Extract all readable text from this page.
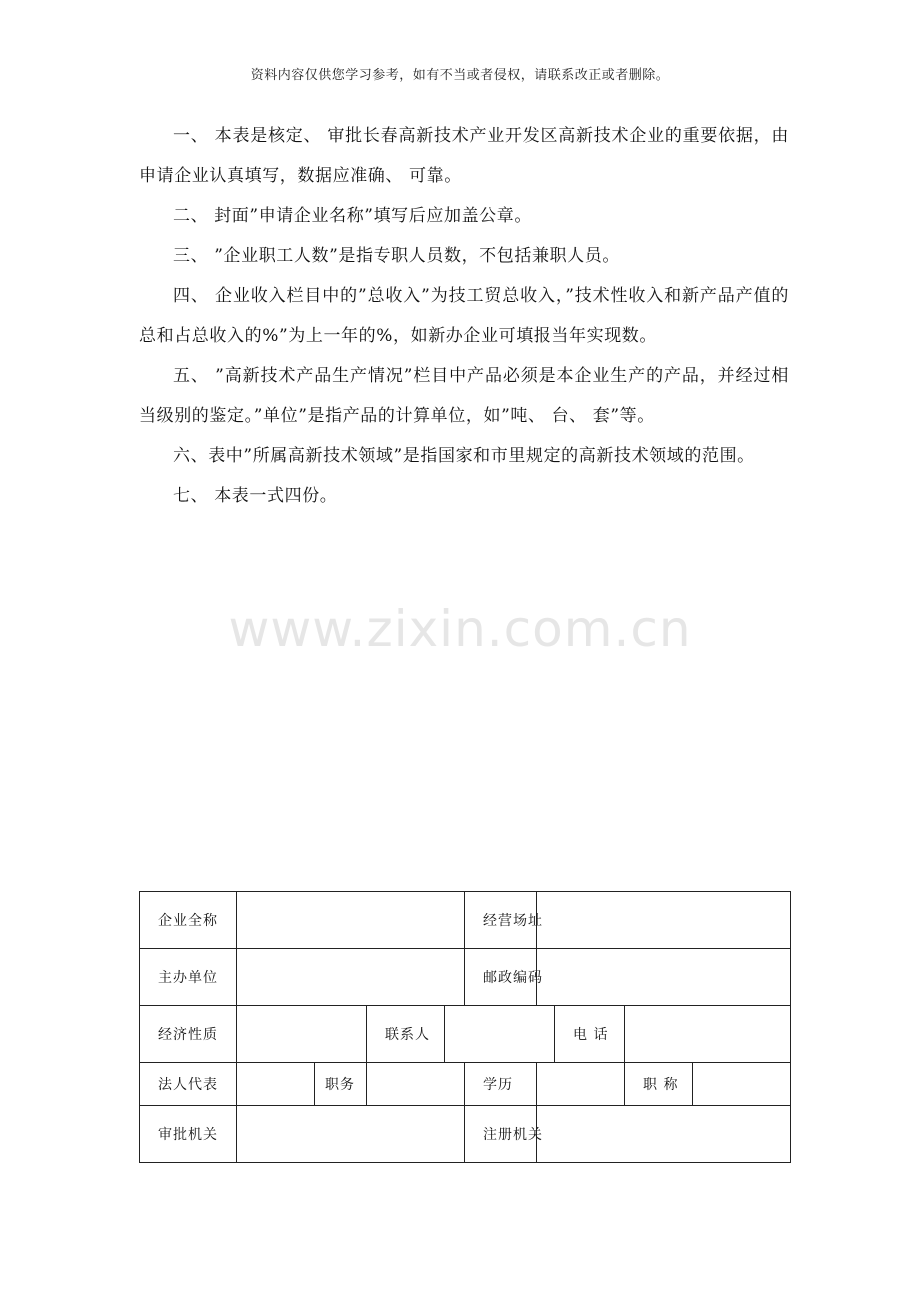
资料内容仅供您学习参考，如有不当或者侵权，请联系改正或者删除。

一、 本表是核定、 审批长春高新技术产业开发区高新技术企业的重要依据，由申请企业认真填写，数据应准确、 可靠。

二、 封面”申请企业名称”填写后应加盖公章。

三、 ”企业职工人数”是指专职人员数，不包括兼职人员。

四、 企业收入栏目中的”总收入”为技工贸总收入，”技术性收入和新产品产值的总和占总收入的%”为上一年的%，如新办企业可填报当年实现数。

五、 ”高新技术产品生产情况”栏目中产品必须是本企业生产的产品，并经过相当级别的鉴定。”单位”是指产品的计算单位，如”吨、 台、 套”等。

六、表中”所属高新技术领域”是指国家和市里规定的高新技术领域的范围。

七、 本表一式四份。

www.zixin.com.cn
企业全称					经营场址				
主办单位					邮政编码				
经济性质			联系人				电 话		
法人代表		职务			学历			职 称	
审批机关					注册机关				
